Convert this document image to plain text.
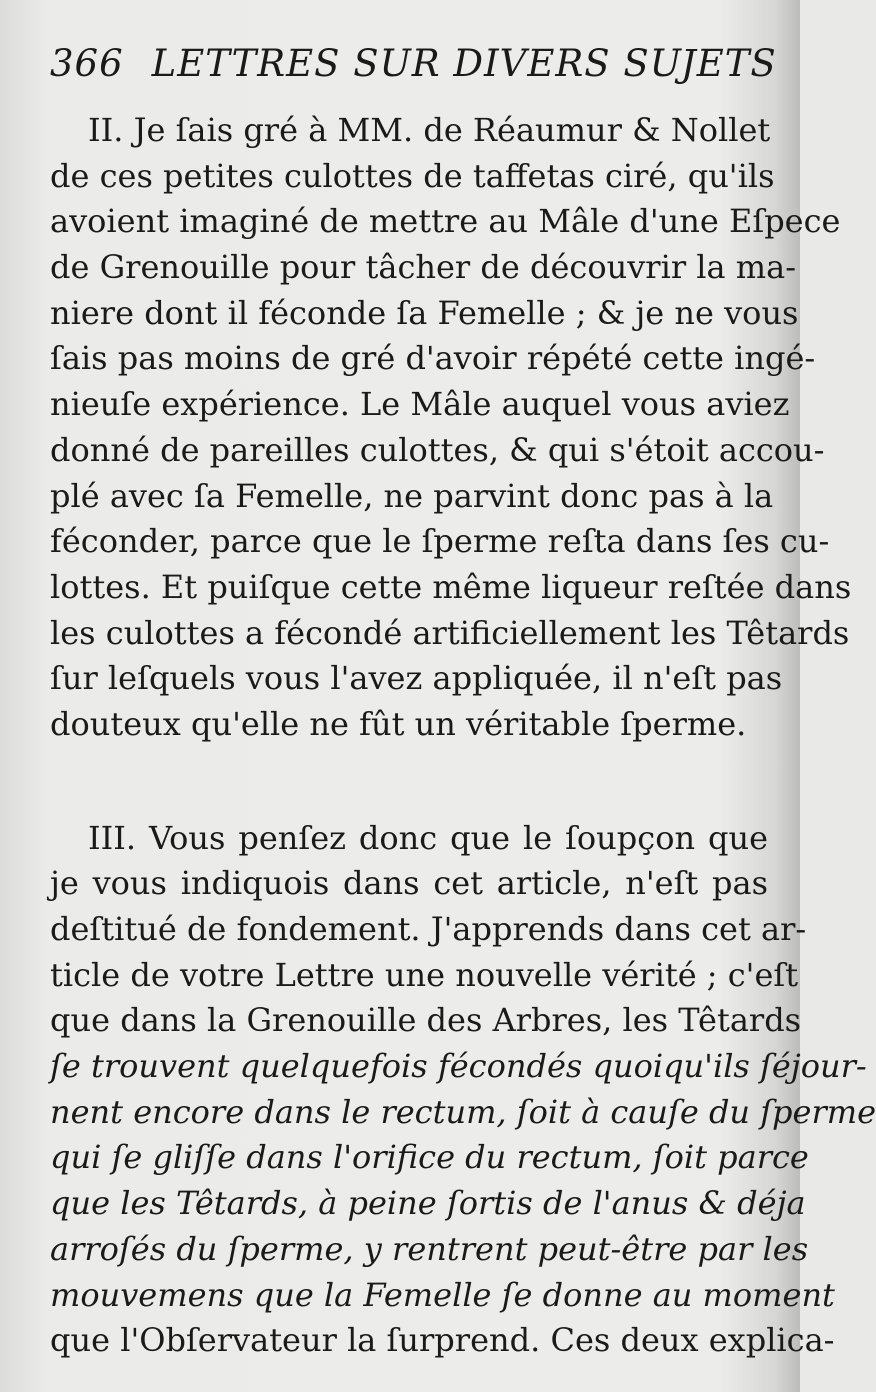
366 LETTRES SUR DIVERS SUJETS
II. Je ſais gré à MM. de Réaumur & Nollet
de ces petites culottes de taffetas ciré, qu'ils
avoient imaginé de mettre au Mâle d'une Eſpece
de Grenouille pour tâcher de découvrir la ma-
niere dont il féconde ſa Femelle ; & je ne vous
ſais pas moins de gré d'avoir répété cette ingé-
nieuſe expérience. Le Mâle auquel vous aviez
donné de pareilles culottes, & qui s'étoit accou-
plé avec ſa Femelle, ne parvint donc pas à la
féconder, parce que le ſperme reſta dans ſes cu-
lottes. Et puiſque cette même liqueur reſtée dans
les culottes a fécondé artificiellement les Têtards
ſur leſquels vous l'avez appliquée, il n'eſt pas
douteux qu'elle ne fût un véritable ſperme.
III. Vous penſez donc que le ſoupçon que
je vous indiquois dans cet article, n'eſt pas
deſtitué de fondement. J'apprends dans cet ar-
ticle de votre Lettre une nouvelle vérité ; c'eſt
que dans la Grenouille des Arbres, les Têtards
ſe trouvent quelquefois fécondés quoiqu'ils ſéjour-
nent encore dans le rectum, ſoit à cauſe du ſperme
qui ſe gliſſe dans l'orifice du rectum, ſoit parce
que les Têtards, à peine ſortis de l'anus & déja
arroſés du ſperme, y rentrent peut-être par les
mouvemens que la Femelle ſe donne au moment
que l'Obſervateur la ſurprend. Ces deux explica-
